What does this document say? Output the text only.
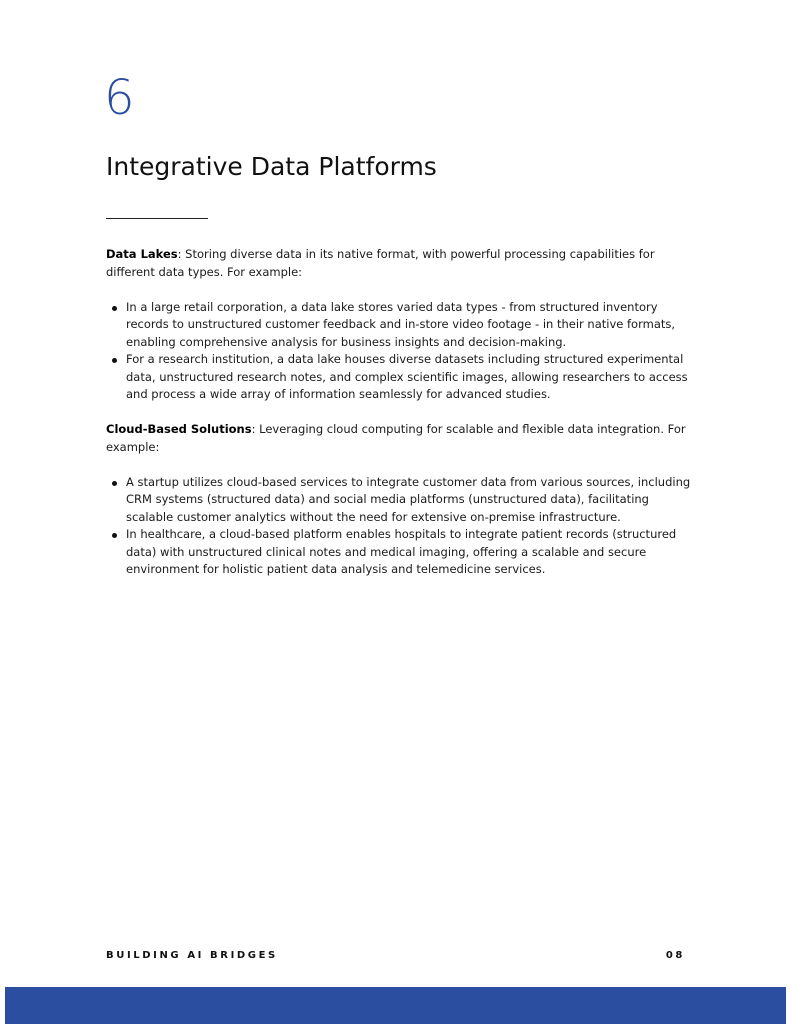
6
Integrative Data Platforms

Data Lakes: Storing diverse data in its native format, with powerful processing capabilities for different data types. For example:

In a large retail corporation, a data lake stores varied data types - from structured inventory records to unstructured customer feedback and in-store video footage - in their native formats, enabling comprehensive analysis for business insights and decision-making.
For a research institution, a data lake houses diverse datasets including structured experimental data, unstructured research notes, and complex scientific images, allowing researchers to access and process a wide array of information seamlessly for advanced studies.

Cloud-Based Solutions: Leveraging cloud computing for scalable and flexible data integration. For example:

A startup utilizes cloud-based services to integrate customer data from various sources, including CRM systems (structured data) and social media platforms (unstructured data), facilitating scalable customer analytics without the need for extensive on-premise infrastructure.
In healthcare, a cloud-based platform enables hospitals to integrate patient records (structured data) with unstructured clinical notes and medical imaging, offering a scalable and secure environment for holistic patient data analysis and telemedicine services.
BUILDING AI BRIDGES	08
